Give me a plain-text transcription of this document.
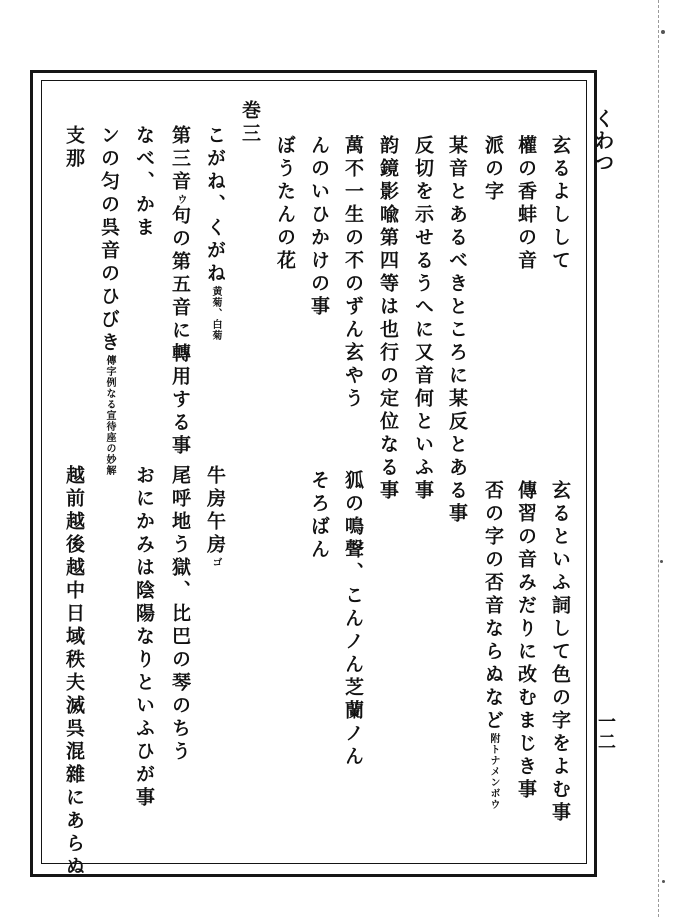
くわつ
一二
玄るよしして
權の香蚌の音
派の字
某音とあるべきところに某反とある事
反切を示せるうへに又音何といふ事
韵鏡影喩第四等は也行の定位なる事
萬不一生の不のずん玄やう
んのいひかけの事
ぼうたんの花
巻三
こがね、くがね黄菊、白菊
第三音ウ句の第五音に轉用する事
なべ、かま
ンの匀の呉音のひびき傳字例なる宣待座の妙解
支那
玄るといふ詞して色の字をよむ事
傳習の音みだりに改むまじき事
否の字の否音ならぬなど附トナメンボウ
狐の鳴聲、こんノん芝蘭ノん
そろばん
牛房午房ゴ
尾呼地う獄、比巴の琴のちう
おにかみは陰陽なりといふひが事
越前越後越中日域秩夫滅呉混雜にあらぬ
